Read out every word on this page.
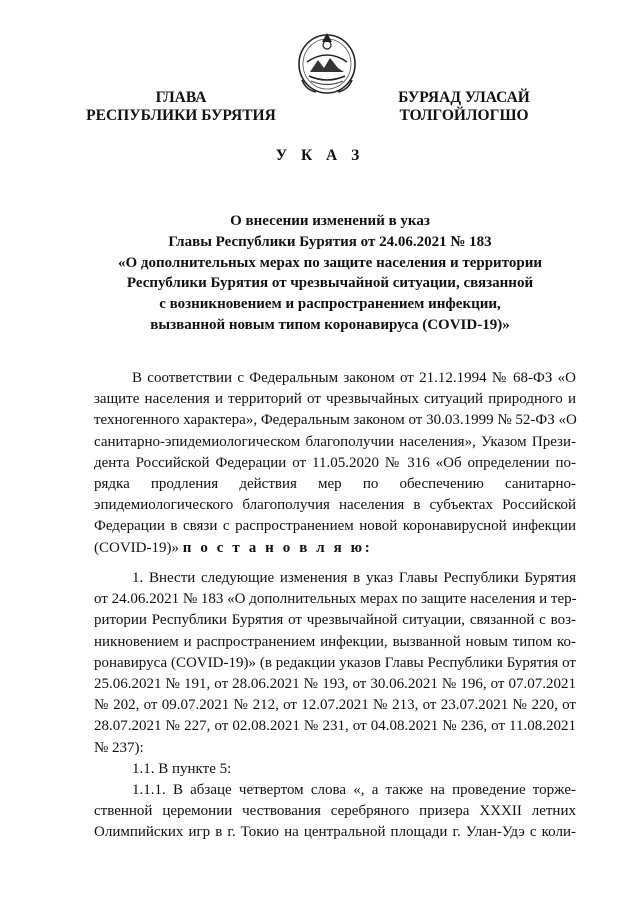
ГЛАВА
РЕСПУБЛИКИ БУРЯТИЯ
БУРЯАД УЛАСАЙ
ТОЛГОЙЛОГШО
У К А З
О внесении изменений в указ
Главы Республики Бурятия от 24.06.2021 № 183
«О дополнительных мерах по защите населения и территории
Республики Бурятия от чрезвычайной ситуации, связанной
с возникновением и распространением инфекции,
вызванной новым типом коронавируса (COVID-19)»
В соответствии с Федеральным законом от 21.12.1994 № 68-ФЗ «О
защите населения и территорий от чрезвычайных ситуаций природного и
техногенного характера», Федеральным законом от 30.03.1999 № 52-ФЗ «О
санитарно-эпидемиологическом благополучии населения», Указом Прези-
дента Российской Федерации от 11.05.2020 № 316 «Об определении по-
рядка продления действия мер по обеспечению санитарно-
эпидемиологического благополучия населения в субъектах Российской
Федерации в связи с распространением новой коронавирусной инфекции
(COVID-19)» п о с т а н о в л я ю:
1. Внести следующие изменения в указ Главы Республики Бурятия
от 24.06.2021 № 183 «О дополнительных мерах по защите населения и тер-
ритории Республики Бурятия от чрезвычайной ситуации, связанной с воз-
никновением и распространением инфекции, вызванной новым типом ко-
ронавируса (COVID-19)» (в редакции указов Главы Республики Бурятия от
25.06.2021 № 191, от 28.06.2021 № 193, от 30.06.2021 № 196, от 07.07.2021
№ 202, от 09.07.2021 № 212, от 12.07.2021 № 213, от 23.07.2021 № 220, от
28.07.2021 № 227, от 02.08.2021 № 231, от 04.08.2021 № 236, от 11.08.2021
№ 237):
1.1. В пункте 5:
1.1.1. В абзаце четвертом слова «, а также на проведение торже-
ственной церемонии чествования серебряного призера XXXII летних
Олимпийских игр в г. Токио на центральной площади г. Улан-Удэ с коли-
